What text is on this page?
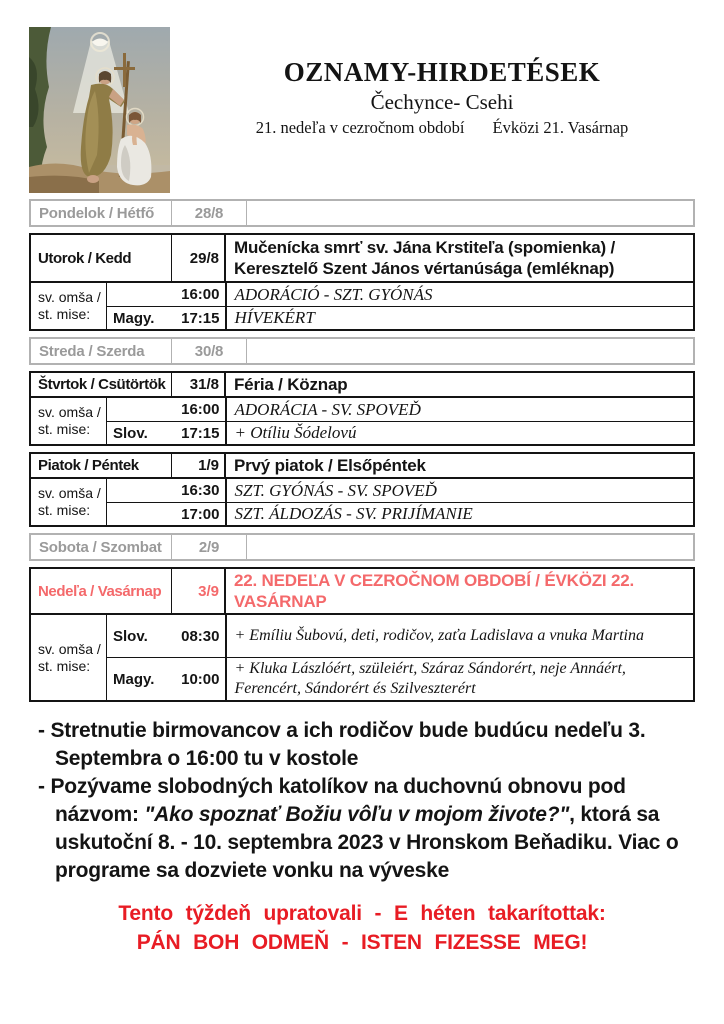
OZNAMY-HIRDETÉSEK
Čechynce- Csehi
21. nedeľa v cezročnom období Évközi 21. Vasárnap
Pondelok / Hétfő	28/8
Utorok / Kedd	29/8
Mučenícka smrť sv. Jána Krstiteľa (spomienka) / Keresztelő Szent János vértanúsága (emléknap)
sv. omša /
st. mise:
16:00 ADORÁCIÓ - SZT. GYÓNÁS
Magy.	17:15 HÍVEKÉRT
Streda / Szerda	30/8
Štvrtok / Csütörtök	31/8 Féria / Köznap
sv. omša /
st. mise:
16:00 ADORÁCIA - SV. SPOVEĎ
Slov.	17:15 + Otíliu Šódelovú
Piatok / Péntek	1/9 Prvý piatok / Elsőpéntek
sv. omša /
st. mise:
16:30 SZT. GYÓNÁS - SV. SPOVEĎ
17:00 SZT. ÁLDOZÁS - SV. PRIJÍMANIE
Sobota / Szombat	2/9
Nedeľa / Vasárnap	3/9
22. NEDEĽA V CEZROČNOM OBDOBÍ / ÉVKÖZI 22. VASÁRNAP
sv. omša /
st. mise:
Slov.	08:30 + Emíliu Šubovú, deti, rodičov, zaťa Ladislava a vnuka Martina
Magy.	10:00
+ Kluka Lászlóért, szüleiért, Száraz Sándorért, neje Annáért, Ferencért, Sándorért és Szilveszterért

- Stretnutie birmovancov a ich rodičov bude budúcu nedeľu 3. Septembra o 16:00 tu v kostole

- Pozývame slobodných katolíkov na duchovnú obnovu pod názvom: "Ako spoznať Božiu vôľu v mojom živote?", ktorá sa uskutoční 8. - 10. septembra 2023 v Hronskom Beňadiku. Viac o programe sa dozviete vonku na výveske

Tento týždeň upratovali - E héten takarítottak:
PÁN BOH ODMEŇ - ISTEN FIZESSE MEG!
